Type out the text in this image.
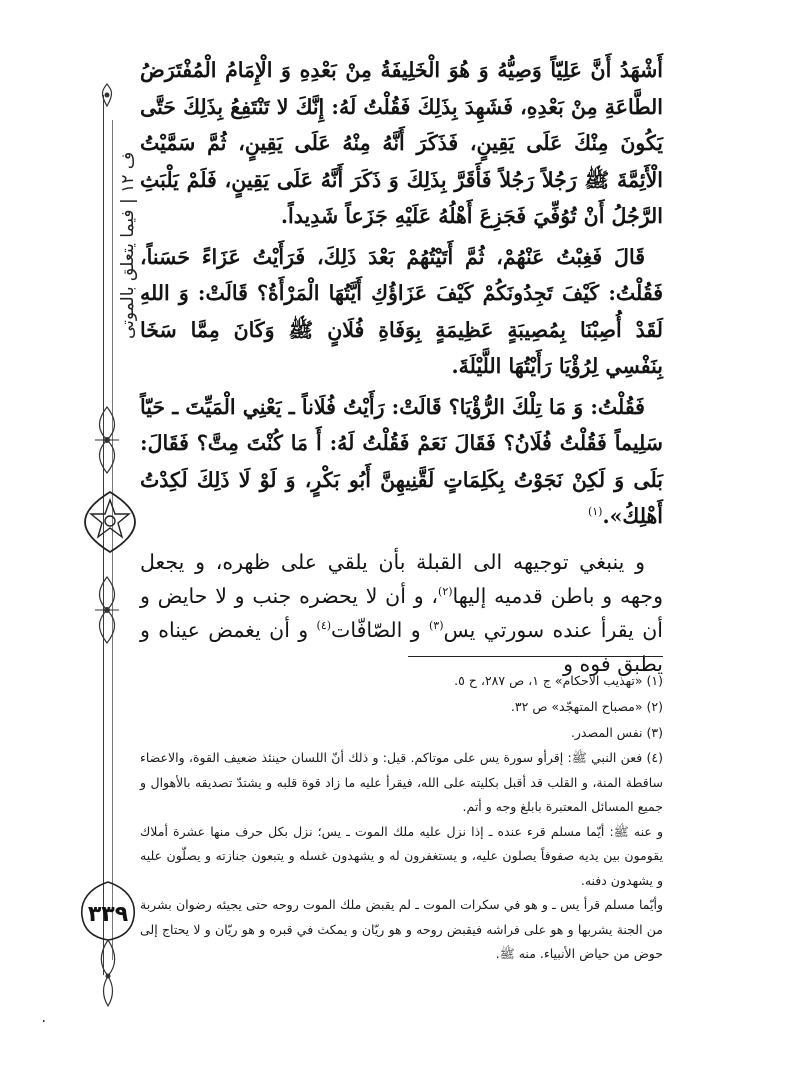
ف ١٢ | فيما يتعلق بالموتى
٣٣٩

أَشْهَدُ أَنَّ عَلِيّاً وَصِيُّهُ وَ هُوَ الْخَلِيفَةُ مِنْ بَعْدِهِ وَ الْإِمَامُ الْمُفْتَرَضُ الطَّاعَةِ مِنْ بَعْدِهِ، فَشَهِدَ بِذَلِكَ فَقُلْتُ لَهُ: إِنَّكَ لا تَنْتَفِعُ بِذَلِكَ حَتَّى يَكُونَ مِنْكَ عَلَى يَقِينٍ، فَذَكَرَ أَنَّهُ مِنْهُ عَلَى يَقِينٍ، ثُمَّ سَمَّيْتُ الْأَئِمَّةَ ﷺ رَجُلاً رَجُلاً فَأَقَرَّ بِذَلِكَ وَ ذَكَرَ أَنَّهُ عَلَى يَقِينٍ، فَلَمْ يَلْبَثِ الرَّجُلُ أَنْ تُوُفِّيَ فَجَزِعَ أَهْلُهُ عَلَيْهِ جَزَعاً شَدِيداً.

قَالَ فَغِبْتُ عَنْهُمْ، ثُمَّ أَتَيْتُهُمْ بَعْدَ ذَلِكَ، فَرَأَيْتُ عَزَاءً حَسَناً، فَقُلْتُ: كَيْفَ تَجِدُونَكُمْ كَيْفَ عَزَاؤُكِ أَيَّتُهَا الْمَرْأَةُ؟ قَالَتْ: وَ اللهِ لَقَدْ أُصِبْنَا بِمُصِيبَةٍ عَظِيمَةٍ بِوَفَاةِ فُلَانٍ ﷺ وَكَانَ مِمَّا سَخَا بِنَفْسِي لِرُؤْيَا رَأَيْتُهَا اللَّيْلَةَ.

فَقُلْتُ: وَ مَا تِلْكَ الرُّؤْيَا؟ قَالَتْ: رَأَيْتُ فُلَاناً ـ يَعْنِي الْمَيِّتَ ـ حَيّاً سَلِيماً فَقُلْتُ فُلَانُ؟ فَقَالَ نَعَمْ فَقُلْتُ لَهُ: أَ مَا كُنْتَ مِتَّ؟ فَقَالَ: بَلَى وَ لَكِنْ نَجَوْتُ بِكَلِمَاتٍ لَقَّنِيهِنَّ أَبُو بَكْرٍ، وَ لَوْ لَا ذَلِكَ لَكِدْتُ أَهْلِكُ».$^{(١)}$

و ينبغي توجيهه الى القبلة بأن يلقي على ظهره، و يجعل وجهه و باطن قدميه إليها$^{(٢)}$، و أن لا يحضره جنب و لا حايض و أن يقرأ عنده سورتي يس$^{(٣)}$ و الصّافّات$^{(٤)}$ و أن يغمض عيناه و يطبق فوه و

(١) «تهذيب الاحكام» ج ١، ص ٢٨٧، ح ٥.

(٢) «مصباح المتهجّد» ص ٣٢.

(٣) نفس المصدر.

(٤) فعن النبي ﷺ: إقرأو سورة يس على موتاكم. قيل: و ذلك أنّ اللسان حينئذ ضعيف القوة، والاعضاء ساقطة المنة، و القلب قد أقبل بكليته على الله، فيقرأ عليه ما زاد قوة قلبه و يشتدّ تصديقه بالأهوال و جميع المسائل المعتبرة بابلغ وجه و أتم.
و عنه ﷺ: أيّما مسلم قرء عنده ـ إذا نزل عليه ملك الموت ـ يس؛ نزل بكل حرف منها عشرة أملاك يقومون بين يديه صفوفاً يصلون عليه، و يستغفرون له و يشهدون غسله و يتبعون جنازته و يصلّون عليه و يشهدون دفنه.
وأيّما مسلم قرأ يس ـ و هو في سكرات الموت ـ لم يقبض ملك الموت روحه حتى يجيئه رضوان بشربة من الجنة يشربها و هو على فراشه فيقبض روحه و هو ريّان و يمكث في قبره و هو ريّان و لا يحتاج إلى حوض من حياض الأنبياء. منه ﷺ.

٠
